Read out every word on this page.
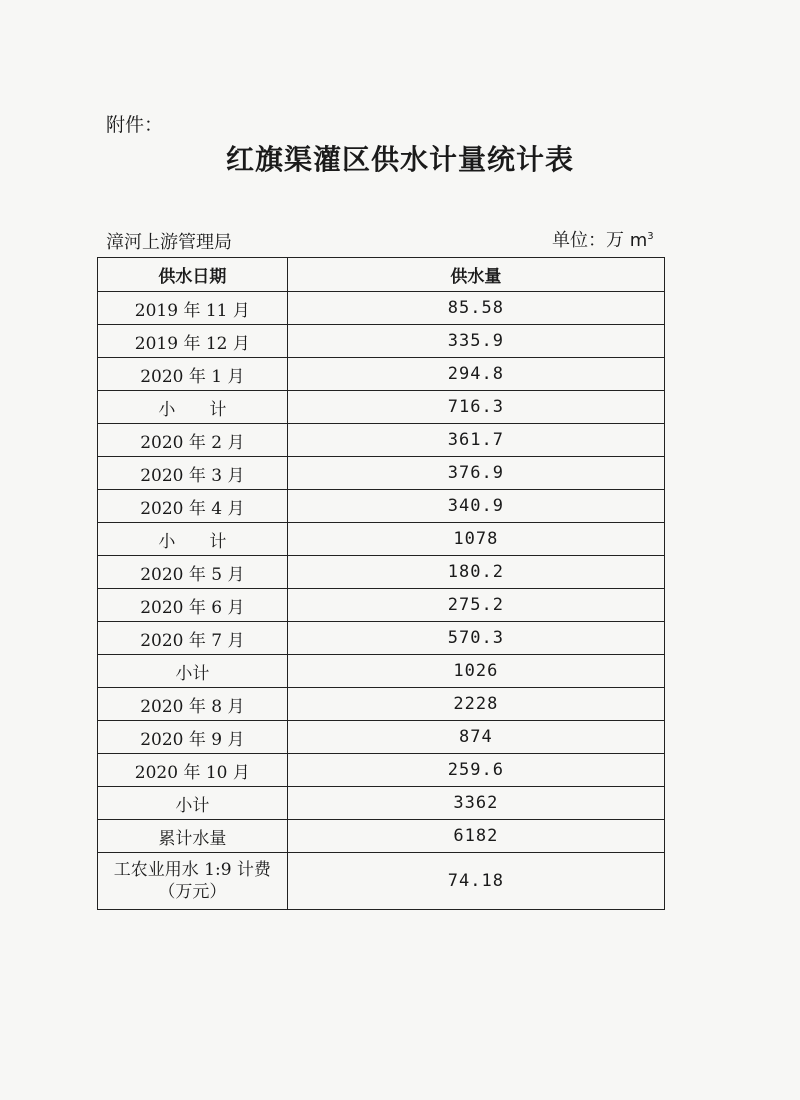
附件：
红旗渠灌区供水计量统计表
漳河上游管理局	单位：万 $m^3$
供水日期	供水量
2019 年 11 月	85.58
2019 年 12 月	335.9
2020 年 1 月	294.8
小　　计	716.3
2020 年 2 月	361.7
2020 年 3 月	376.9
2020 年 4 月	340.9
小　　计	1078
2020 年 5 月	180.2
2020 年 6 月	275.2
2020 年 7 月	570.3
小计	1026
2020 年 8 月	2228
2020 年 9 月	874
2020 年 10 月	259.6
小计	3362
累计水量	6182

工农业用水 1:9 计费
（万元）	74.18
